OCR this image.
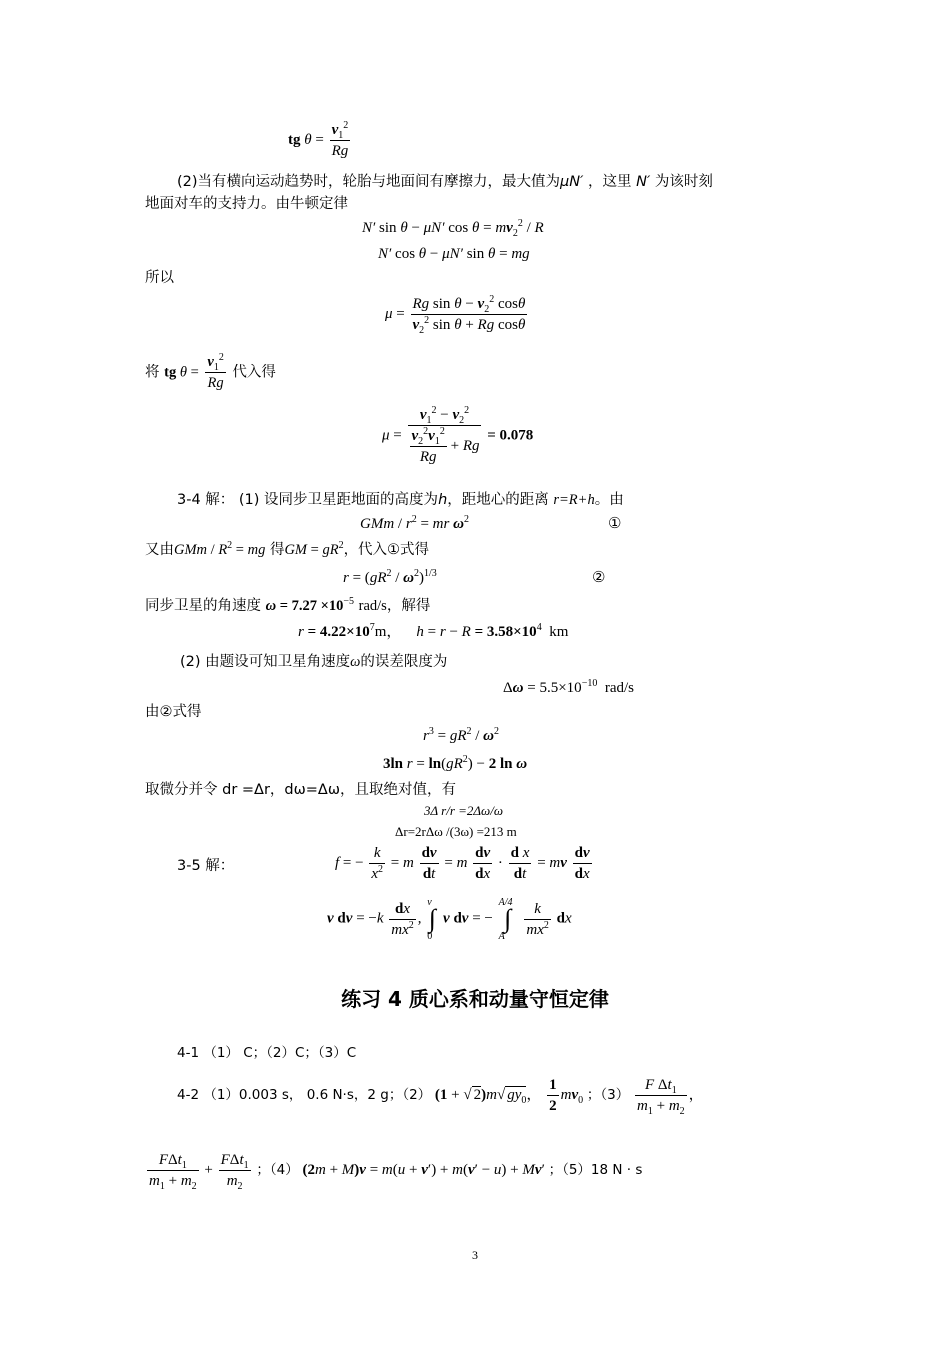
tg $\theta = \frac{v_1^2}{Rg}$
(2)当有横向运动趋势时，轮胎与地面间有摩擦力，最大值为μN′ ，这里 N′ 为该时刻
地面对车的支持力。由牛顿定律
N′ sin θ − μN′ $\cos \theta = mv_2^2 / R$
N′ cos θ − μN′ sin θ = mg
所以
$\mu = \frac{Rg \sin \theta - v_2^2 \cos\theta}{v_2^2 \sin \theta + Rg \cos\theta}$
将 tg $\theta = \frac{v_1^2}{Rg}$ 代入得
$\mu = \frac{v_1^2 - v_2^2}{\frac{v_2^2v_1^2}{Rg} + Rg} = 0.078$
3-4 解： (1) 设同步卫星距地面的高度为h，距地心的距离 r=R+h。由
GMm / $r^2$ = mr $\omega^2$	①
又由GMm / $R^2$ = mg 得GM = $gR^2$，代入①式得
$r = (gR^2 / \omega^2)^{1/3}$	②
同步卫星的角速度 $\omega = 7.27 \times 10^{-5}$ rad/s，解得
$r = 4.22\times 10^7m$， $h = r - R = 3.58\times 10^4$ km
(2) 由题设可知卫星角速度ω的误差限度为
$\Delta\omega = 5.5\times 10^{-10}$ rad/s
由②式得
$r^3 = gR^2 / \omega^2$
3ln $r = \ln(gR^2) - 2$ ln ω
取微分并令 dr =Δr，dω=Δω，且取绝对值，有
3Δ r/r =2Δω/ω
Δr=2rΔω /(3ω) =213 m
3-5 解：	f = − $\frac{k}{x^2} = m \frac{dv}{dt} = m \frac{dv}{dx} \cdot \frac{\text{d x}}{dt}$ = mv $\frac{dv}{dx}$
v dv = $-k \frac{dx}{mx^2}$ , ∫
v
0
v dv = − ∫
A/4
A
$\frac{k}{mx^2}$ dx
练习 4 质心系和动量守恒定律
4-1 （1） C；（2）C；（3）C
4-2 （1）0.003 s， 0.6 N·s，2 g；（2） (1 + √ 2)m√ $gy_0$， $\frac{1}{2} mv_0$ ；$(3) \frac{F \Delta t_1}{m_1 + m_2}$ ，
$\frac{F\Delta t_1}{m_1 + m_2} + \frac{F\Delta t_1}{m_2}$ ；（4） (2m + M)v = m(u + v′) + m(v′ − u) + Mv′ ；（5）18 N · s
3
